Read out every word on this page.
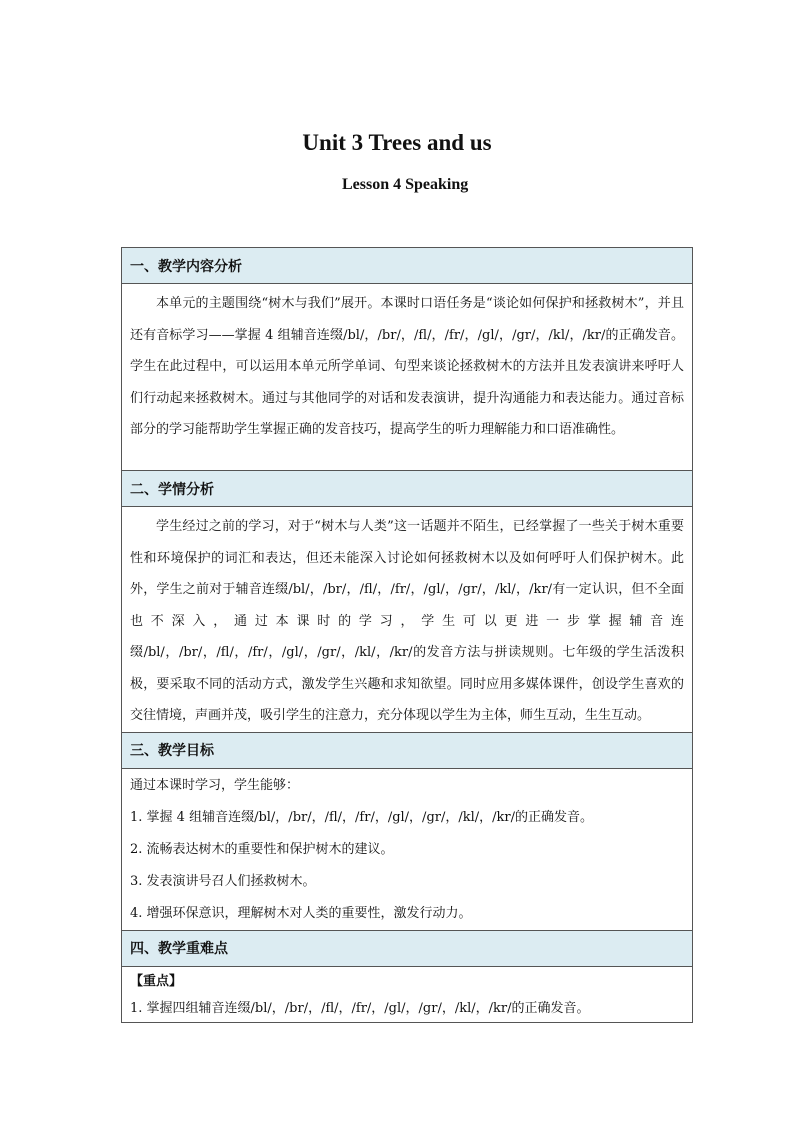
Unit 3 Trees and us
Lesson 4 Speaking
一、教学内容分析

本单元的主题围绕“树木与我们”展开。本课时口语任务是“谈论如何保护和拯救树木”，并且还有音标学习——掌握 4 组辅音连缀/bl/，/br/，/fl/，/fr/，/gl/，/gr/，/kl/，/kr/的正确发音。学生在此过程中，可以运用本单元所学单词、句型来谈论拯救树木的方法并且发表演讲来呼吁人们行动起来拯救树木。通过与其他同学的对话和发表演讲，提升沟通能力和表达能力。通过音标部分的学习能帮助学生掌握正确的发音技巧，提高学生的听力理解能力和口语准确性。

二、学情分析

学生经过之前的学习，对于“树木与人类”这一话题并不陌生，已经掌握了一些关于树木重要性和环境保护的词汇和表达，但还未能深入讨论如何拯救树木以及如何呼吁人们保护树木。此外，学生之前对于辅音连缀/bl/，/br/，/fl/，/fr/，/gl/，/gr/，/kl/，/kr/有一定认识，但不全面也不深入，通过本课时的学习，学生可以更进一步掌握辅音连缀/bl/，/br/，/fl/，/fr/，/gl/，/gr/，/kl/，/kr/的发音方法与拼读规则。七年级的学生活泼积极，要采取不同的活动方式，激发学生兴趣和求知欲望。同时应用多媒体课件，创设学生喜欢的交往情境，声画并茂，吸引学生的注意力，充分体现以学生为主体，师生互动，生生互动。

三、教学目标

通过本课时学习，学生能够：
1. 掌握 4 组辅音连缀/bl/，/br/，/fl/，/fr/，/gl/，/gr/，/kl/，/kr/的正确发音。
2. 流畅表达树木的重要性和保护树木的建议。
3. 发表演讲号召人们拯救树木。
4. 增强环保意识，理解树木对人类的重要性，激发行动力。

四、教学重难点

【重点】
1. 掌握四组辅音连缀/bl/，/br/，/fl/，/fr/，/gl/，/gr/，/kl/，/kr/的正确发音。
